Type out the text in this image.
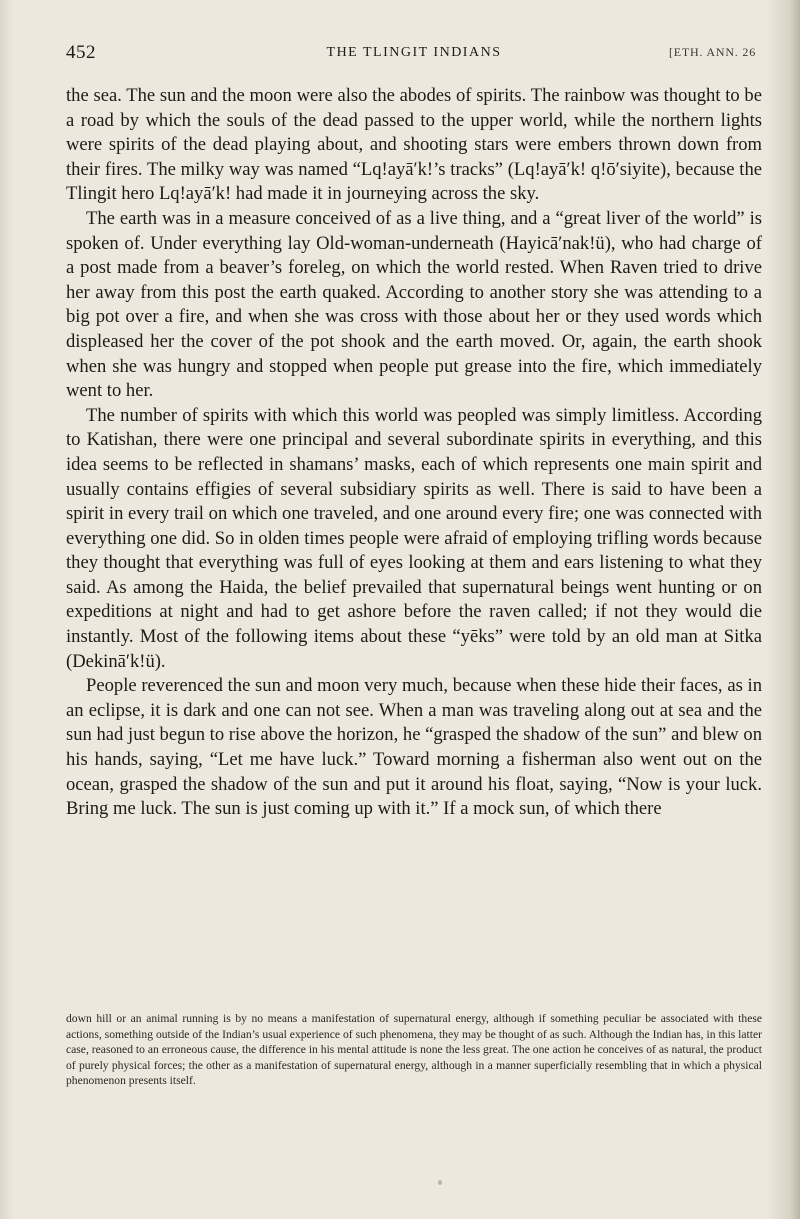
452	THE TLINGIT INDIANS	[ETH. ANN. 26

the sea. The sun and the moon were also the abodes of spirits. The rainbow was thought to be a road by which the souls of the dead passed to the upper world, while the northern lights were spirits of the dead playing about, and shooting stars were embers thrown down from their fires. The milky way was named “Lq!ayā′k!’s tracks” (Lq!ayā′k! q!ō′siyite), because the Tlingit hero Lq!ayā′k! had made it in journeying across the sky.

The earth was in a measure conceived of as a live thing, and a “great liver of the world” is spoken of. Under everything lay Old-woman-underneath (Hayicā′nak!ü), who had charge of a post made from a beaver’s foreleg, on which the world rested. When Raven tried to drive her away from this post the earth quaked. According to another story she was attending to a big pot over a fire, and when she was cross with those about her or they used words which displeased her the cover of the pot shook and the earth moved. Or, again, the earth shook when she was hungry and stopped when people put grease into the fire, which immediately went to her.

The number of spirits with which this world was peopled was simply limitless. According to Katishan, there were one principal and several subordinate spirits in everything, and this idea seems to be reflected in shamans’ masks, each of which represents one main spirit and usually contains effigies of several subsidiary spirits as well. There is said to have been a spirit in every trail on which one traveled, and one around every fire; one was connected with everything one did. So in olden times people were afraid of employing trifling words because they thought that everything was full of eyes looking at them and ears listening to what they said. As among the Haida, the belief prevailed that supernatural beings went hunting or on expeditions at night and had to get ashore before the raven called; if not they would die instantly. Most of the following items about these “yēks” were told by an old man at Sitka (Dekinā′k!ü).

People reverenced the sun and moon very much, because when these hide their faces, as in an eclipse, it is dark and one can not see. When a man was traveling along out at sea and the sun had just begun to rise above the horizon, he “grasped the shadow of the sun” and blew on his hands, saying, “Let me have luck.” Toward morning a fisherman also went out on the ocean, grasped the shadow of the sun and put it around his float, saying, “Now is your luck. Bring me luck. The sun is just coming up with it.” If a mock sun, of which there

down hill or an animal running is by no means a manifestation of supernatural energy, although if something peculiar be associated with these actions, something outside of the Indian’s usual experience of such phenomena, they may be thought of as such. Although the Indian has, in this latter case, reasoned to an erroneous cause, the difference in his mental attitude is none the less great. The one action he conceives of as natural, the product of purely physical forces; the other as a manifestation of supernatural energy, although in a manner superficially resembling that in which a physical phenomenon presents itself.
